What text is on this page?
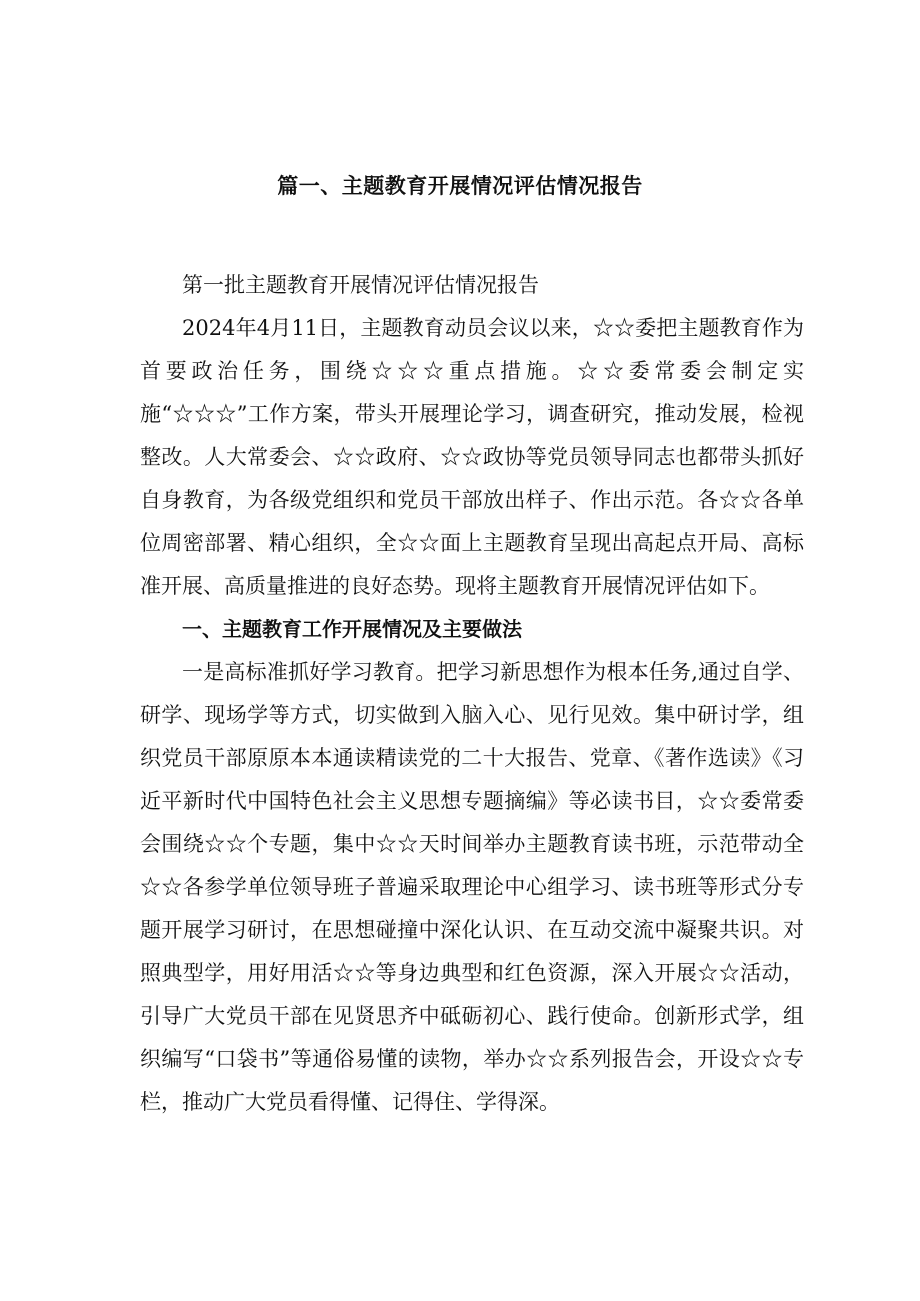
篇一、主题教育开展情况评估情况报告

第一批主题教育开展情况评估情况报告

2024年4月11日，主题教育动员会议以来，☆☆委把主题教育作为首要政治任务，围绕☆☆☆重点措施。☆☆委常委会制定实施“☆☆☆”工作方案，带头开展理论学习，调查研究，推动发展，检视整改。人大常委会、☆☆政府、☆☆政协等党员领导同志也都带头抓好自身教育，为各级党组织和党员干部放出样子、作出示范。各☆☆各单位周密部署、精心组织，全☆☆面上主题教育呈现出高起点开局、高标准开展、高质量推进的良好态势。现将主题教育开展情况评估如下。

一、主题教育工作开展情况及主要做法

一是高标准抓好学习教育。把学习新思想作为根本任务,通过自学、研学、现场学等方式，切实做到入脑入心、见行见效。集中研讨学，组织党员干部原原本本通读精读党的二十大报告、党章、《著作选读》《习近平新时代中国特色社会主义思想专题摘编》等必读书目，☆☆委常委会围绕☆☆个专题，集中☆☆天时间举办主题教育读书班，示范带动全☆☆各参学单位领导班子普遍采取理论中心组学习、读书班等形式分专题开展学习研讨，在思想碰撞中深化认识、在互动交流中凝聚共识。对照典型学，用好用活☆☆等身边典型和红色资源，深入开展☆☆活动，引导广大党员干部在见贤思齐中砥砺初心、践行使命。创新形式学，组织编写“口袋书”等通俗易懂的读物，举办☆☆系列报告会，开设☆☆专栏，推动广大党员看得懂、记得住、学得深。
